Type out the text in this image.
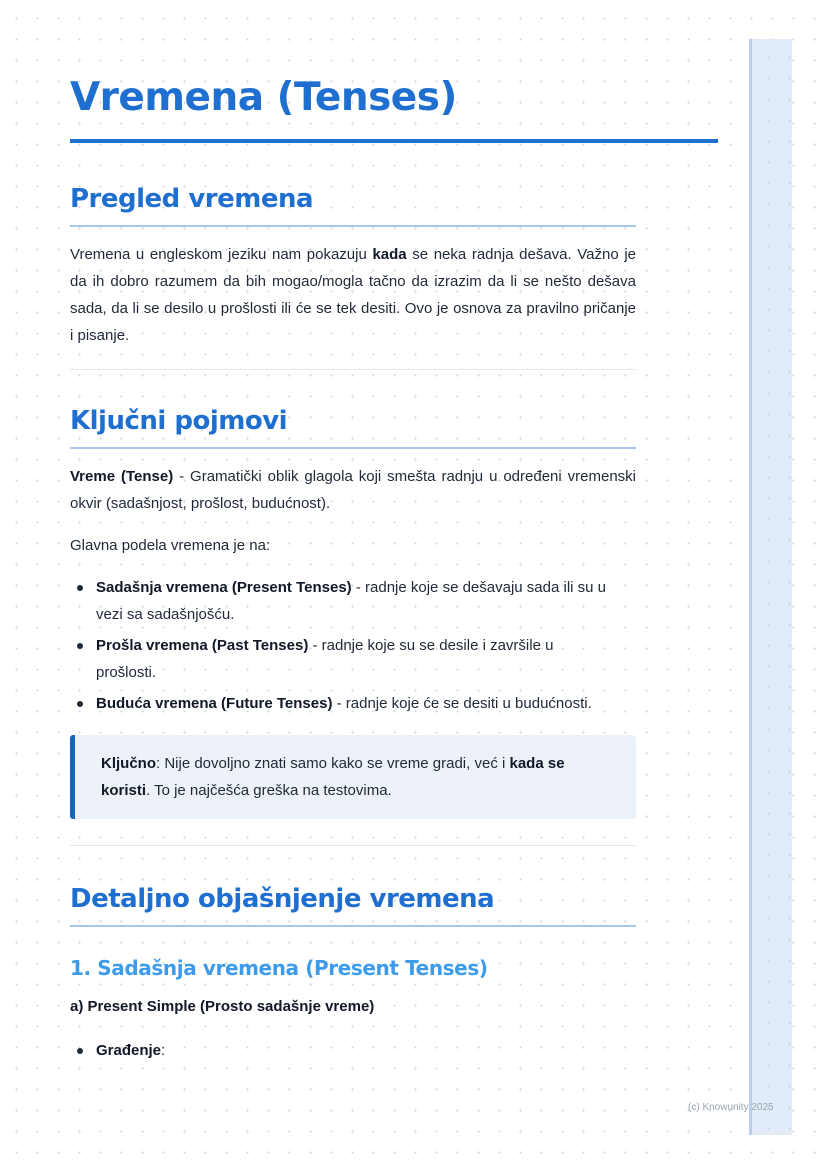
Vremena (Tenses)
Pregled vremena

Vremena u engleskom jeziku nam pokazuju kada se neka radnja dešava. Važno je da ih dobro razumem da bih mogao/mogla tačno da izrazim da li se nešto dešava sada, da li se desilo u prošlosti ili će se tek desiti. Ovo je osnova za pravilno pričanje i pisanje.

Ključni pojmovi

Vreme (Tense) - Gramatički oblik glagola koji smešta radnju u određeni vremenski okvir (sadašnjost, prošlost, budućnost).

Glavna podela vremena je na:

Sadašnja vremena (Present Tenses) - radnje koje se dešavaju sada ili su u vezi sa sadašnjošću.
Prošla vremena (Past Tenses) - radnje koje su se desile i završile u prošlosti.
Buduća vremena (Future Tenses) - radnje koje će se desiti u budućnosti.
Ključno: Nije dovoljno znati samo kako se vreme gradi, već i kada se koristi. To je najčešća greška na testovima.
Detaljno objašnjenje vremena
1. Sadašnja vremena (Present Tenses)

a) Present Simple (Prosto sadašnje vreme)

Građenje:
(c) Knowunity 2025
